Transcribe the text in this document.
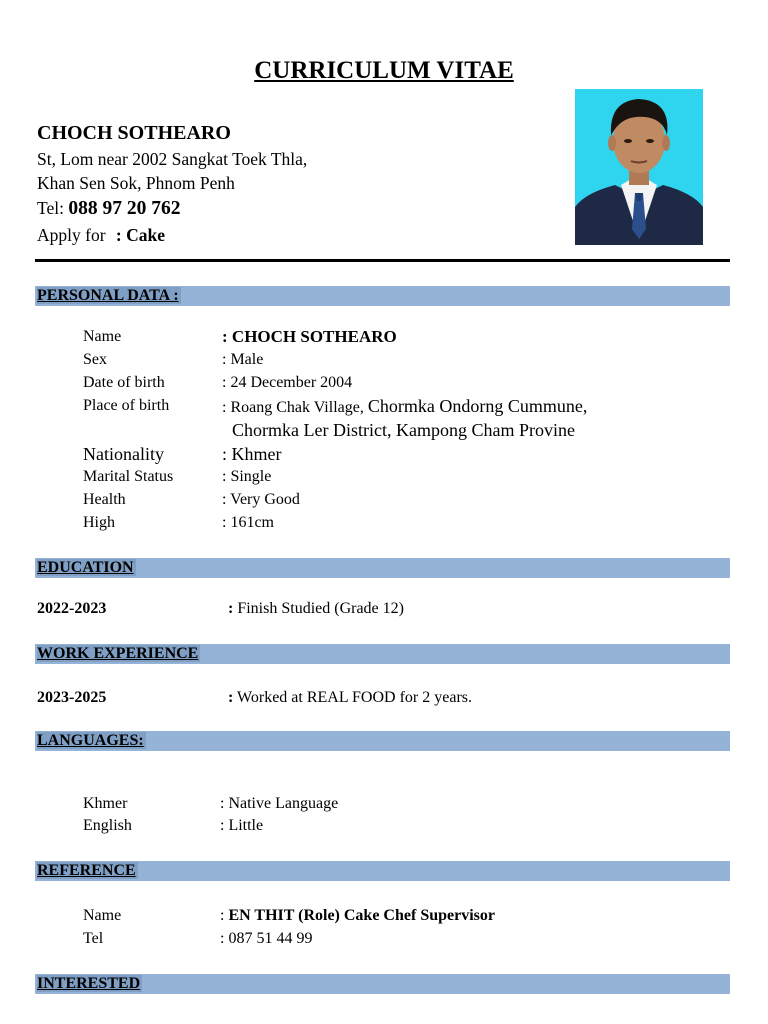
CURRICULUM VITAE
CHOCH SOTHEARO
St, Lom near 2002 Sangkat Toek Thla,
Khan Sen Sok, Phnom Penh
Tel: 088 97 20 762
Apply for : Cake
PERSONAL DATA :
Name	: CHOCH SOTHEARO
Sex	: Male
Date of birth	: 24 December 2004
Place of birth	: Roang Chak Village, Chormka Ondorng Cummune,
Chormka Ler District, Kampong Cham Provine
Nationality	: Khmer
Marital Status	: Single
Health	: Very Good
High	: 161cm
EDUCATION
2022-2023	: Finish Studied (Grade 12)
WORK EXPERIENCE
2023-2025	: Worked at REAL FOOD for 2 years.
LANGUAGES:
Khmer	: Native Language
English	: Little
REFERENCE
Name	: EN THIT (Role) Cake Chef Supervisor
Tel	: 087 51 44 99
INTERESTED
